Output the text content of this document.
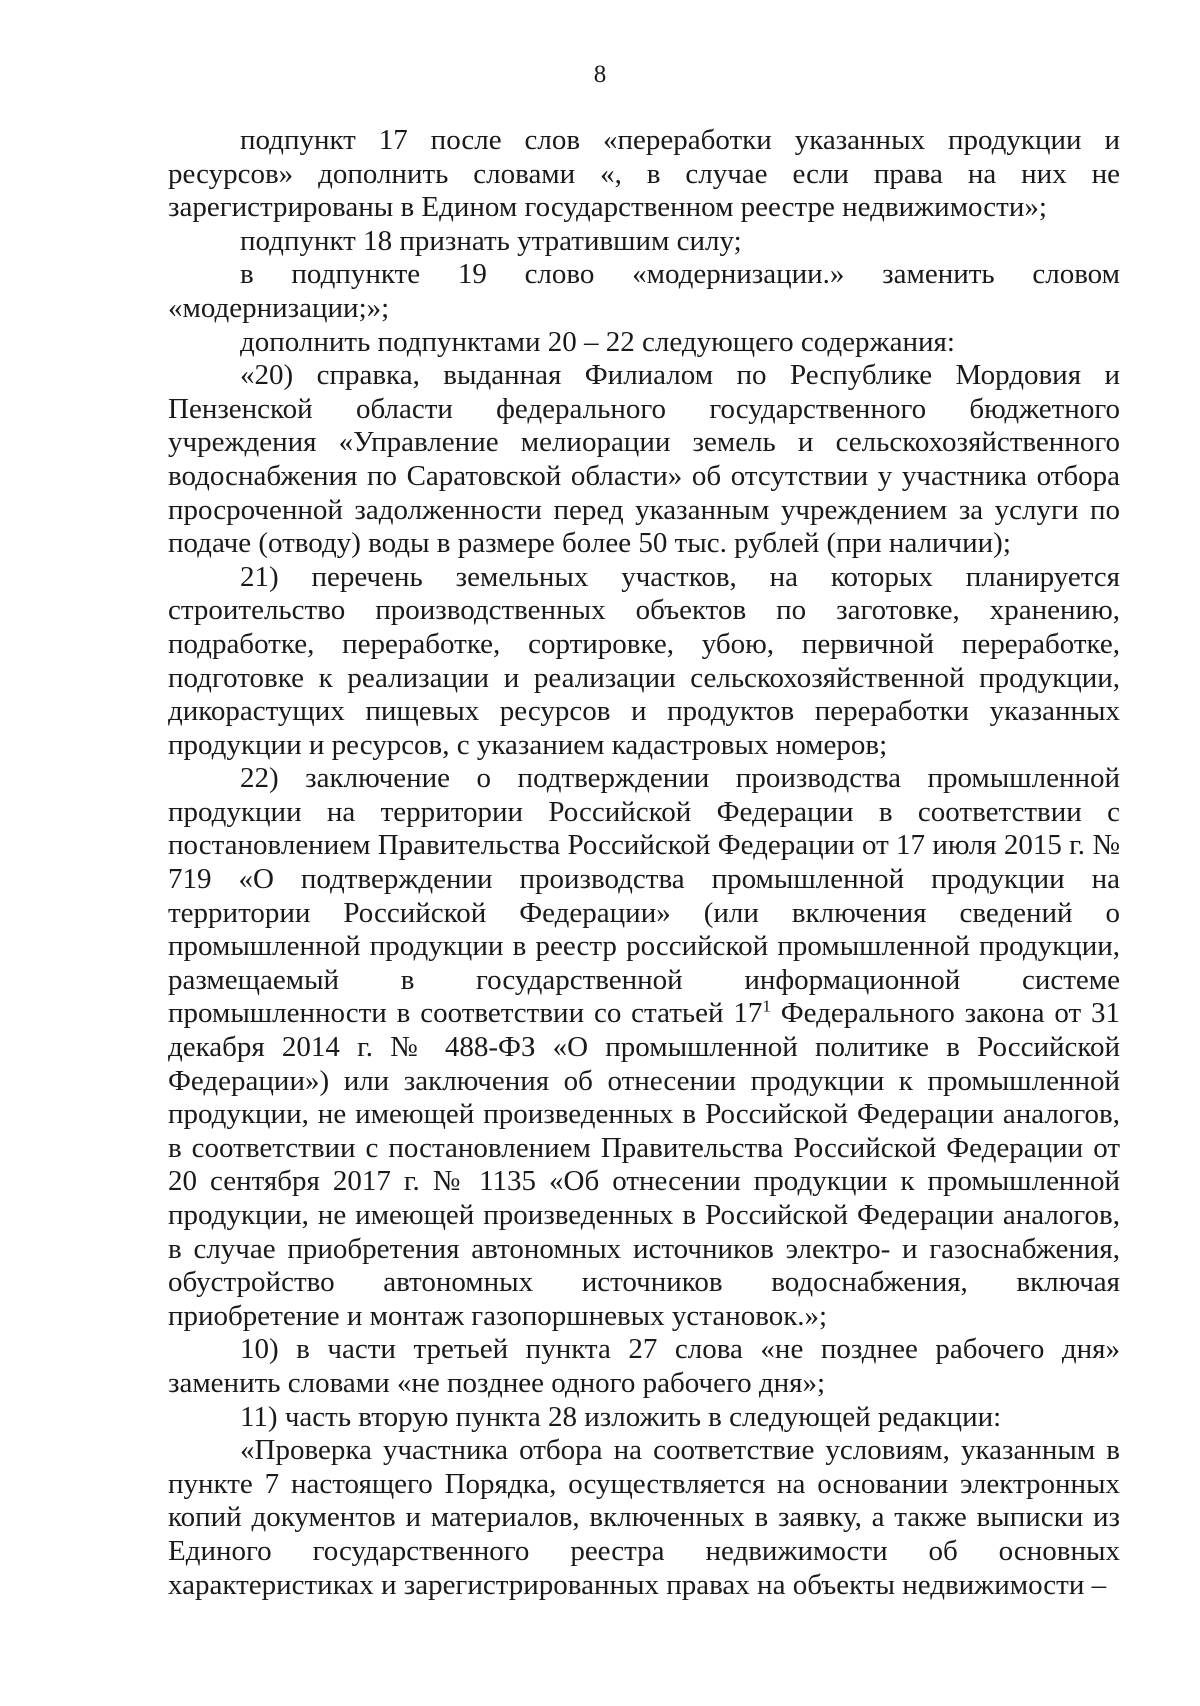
8

подпункт 17 после слов «переработки указанных продукции и ресурсов» дополнить словами «, в случае если права на них не зарегистрированы в Едином государственном реестре недвижимости»;

подпункт 18 признать утратившим силу;

в подпункте 19 слово «модернизации.» заменить словом «модернизации;»;

дополнить подпунктами 20 – 22 следующего содержания:

«20) справка, выданная Филиалом по Республике Мордовия и Пензенской области федерального государственного бюджетного учреждения «Управление мелиорации земель и сельскохозяйственного водоснабжения по Саратовской области» об отсутствии у участника отбора просроченной задолженности перед указанным учреждением за услуги по подаче (отводу) воды в размере более 50 тыс. рублей (при наличии);

21) перечень земельных участков, на которых планируется строительство производственных объектов по заготовке, хранению, подработке, переработке, сортировке, убою, первичной переработке, подготовке к реализации и реализации сельскохозяйственной продукции, дикорастущих пищевых ресурсов и продуктов переработки указанных продукции и ресурсов, с указанием кадастровых номеров;

22) заключение о подтверждении производства промышленной продукции на территории Российской Федерации в соответствии с постановлением Правительства Российской Федерации от 17 июля 2015 г. № 719 «О подтверждении производства промышленной продукции на территории Российской Федерации» (или включения сведений о промышленной продукции в реестр российской промышленной продукции, размещаемый в государственной информационной системе промышленности в соответствии со статьей $17^1$ Федерального закона от 31 декабря 2014 г. № 488-ФЗ «О промышленной политике в Российской Федерации») или заключения об отнесении продукции к промышленной продукции, не имеющей произведенных в Российской Федерации аналогов, в соответствии с постановлением Правительства Российской Федерации от 20 сентября 2017 г. № 1135 «Об отнесении продукции к промышленной продукции, не имеющей произведенных в Российской Федерации аналогов, в случае приобретения автономных источников электро- и газоснабжения, обустройство автономных источников водоснабжения, включая приобретение и монтаж газопоршневых установок.»;

10) в части третьей пункта 27 слова «не позднее рабочего дня» заменить словами «не позднее одного рабочего дня»;

11) часть вторую пункта 28 изложить в следующей редакции:

«Проверка участника отбора на соответствие условиям, указанным в пункте 7 настоящего Порядка, осуществляется на основании электронных копий документов и материалов, включенных в заявку, а также выписки из Единого государственного реестра недвижимости об основных характеристиках и зарегистрированных правах на объекты недвижимости –
